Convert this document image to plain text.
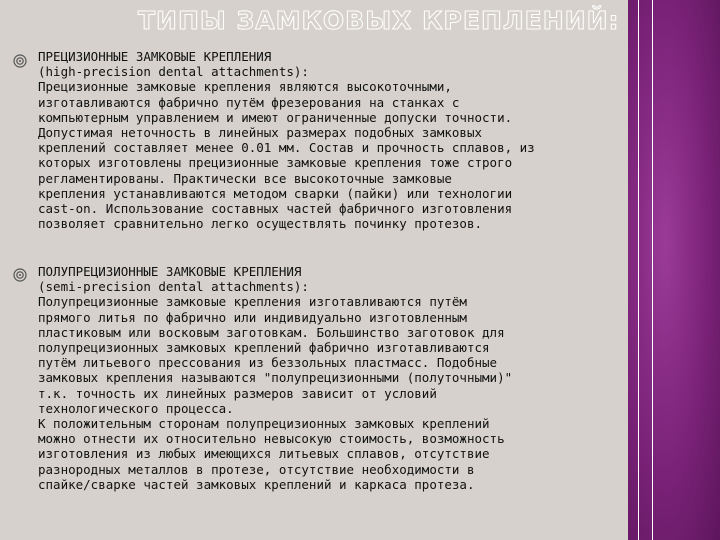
ТИПЫ ЗАМКОВЫХ КРЕПЛЕНИЙ:
ПРЕЦИЗИОННЫЕ ЗАМКОВЫЕ КРЕПЛЕНИЯ
(high-precision dental attachments):
Прецизионные замковые крепления являются высокоточными,
изготавливаются фабрично путём фрезерования на станках с
компьютерным управлением и имеют ограниченные допуски точности.
Допустимая неточность в линейных размерах подобных замковых
креплений составляет менее 0.01 мм. Состав и прочность сплавов, из
которых изготовлены прецизионные замковые крепления тоже строго
регламентированы. Практически все высокоточные замковые
крепления устанавливаются методом сварки (пайки) или технологии
cast-on. Использование составных частей фабричного изготовления
позволяет сравнительно легко осуществлять починку протезов.
ПОЛУПРЕЦИЗИОННЫЕ ЗАМКОВЫЕ КРЕПЛЕНИЯ
(semi-precision dental attachments):
Полупрецизионные замковые крепления изготавливаются путём
прямого литья по фабрично или индивидуально изготовленным
пластиковым или восковым заготовкам. Большинство заготовок для
полупрецизионных замковых креплений фабрично изготавливаются
путём литьевого прессования из беззольных пластмасс. Подобные
замковых крепления называются "полупрецизионными (полуточными)"
т.к. точность их линейных размеров зависит от условий
технологического процесса.
К положительным сторонам полупрецизионных замковых креплений
можно отнести их относительно невысокую стоимость, возможность
изготовления из любых имеющихся литьевых сплавов, отсутствие
разнородных металлов в протезе, отсутствие необходимости в
спайке/сварке частей замковых креплений и каркаса протеза.
